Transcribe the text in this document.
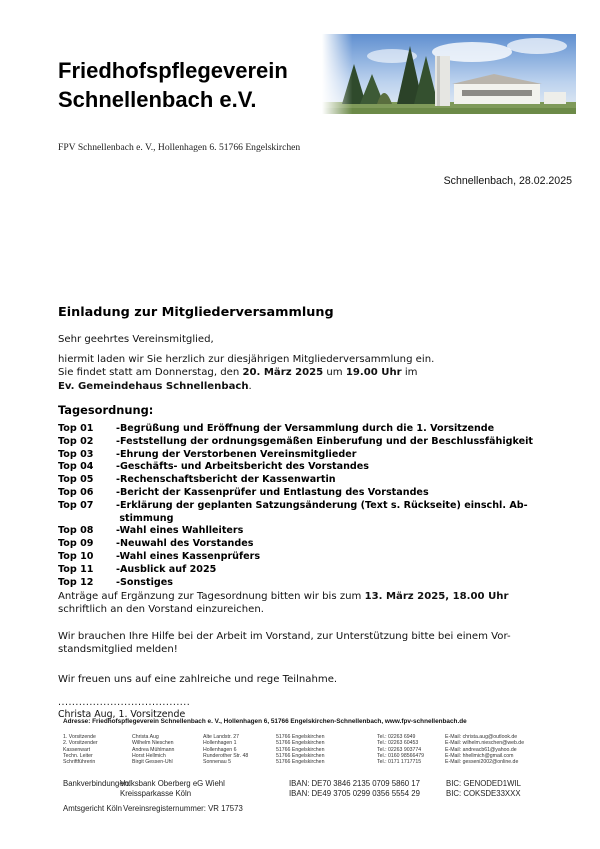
Friedhofspflegeverein
Schnellenbach e.V.
FPV Schnellenbach e. V., Hollenhagen 6. 51766 Engelskirchen
Schnellenbach, 28.02.2025
Einladung zur Mitgliederversammlung
Sehr geehrtes Vereinsmitglied,
hiermit laden wir Sie herzlich zur diesjährigen Mitgliederversammlung ein.
Sie findet statt am Donnerstag, den 20. März 2025 um 19.00 Uhr im
Ev. Gemeindehaus Schnellenbach.
Tagesordnung:
Top 01	-Begrüßung und Eröffnung der Versammlung durch die 1. Vorsitzende
Top 02	-Feststellung der ordnungsgemäßen Einberufung und der Beschlussfähigkeit
Top 03	-Ehrung der Verstorbenen Vereinsmitglieder
Top 04	-Geschäfts- und Arbeitsbericht des Vorstandes
Top 05	-Rechenschaftsbericht der Kassenwartin
Top 06	-Bericht der Kassenprüfer und Entlastung des Vorstandes
Top 07	-Erklärung der geplanten Satzungsänderung (Text s. Rückseite) einschl. Ab-
stimmung
Top 08	-Wahl eines Wahlleiters
Top 09	-Neuwahl des Vorstandes
Top 10	-Wahl eines Kassenprüfers
Top 11	-Ausblick auf 2025
Top 12	-Sonstiges
Anträge auf Ergänzung zur Tagesordnung bitten wir bis zum 13. März 2025, 18.00 Uhr
schriftlich an den Vorstand einzureichen.
Wir brauchen Ihre Hilfe bei der Arbeit im Vorstand, zur Unterstützung bitte bei einem Vor-
standsmitglied melden!
Wir freuen uns auf eine zahlreiche und rege Teilnahme.
......................................
Christa Aug, 1. Vorsitzende
Adresse: Friedhofspflegeverein Schnellenbach e. V., Hollenhagen 6, 51766 Engelskirchen-Schnellenbach, www.fpv-schnellenbach.de
1. Vorsitzende	Christa Aug	Alte Landstr. 27	51766 Engelskirchen	Tel.: 02263 6949	E-Mail: christa.aug@outlook.de
2. Vorsitzender	Wilhelm Nieschen	Hollenhagen 1	51766 Engelskirchen	Tel.: 02263 60453	E-Mail: wilhelm.nieschen@web.de
Kassenwart	Andrea Mühlmann	Hollenhagen 6	51766 Engelskirchen	Tel.: 02263 903774	E-Mail: andreacb61@yahoo.de
Techn. Leiter	Horst Hellmich	Runderother Str. 48	51766 Engelskirchen	Tel.: 0160 98566479	E-Mail: hhellmich@gmail.com
Schriftführerin	Birgit Gessen-Uhl	Sonnenau 5	51766 Engelskirchen	Tel.: 0171 1717715	E-Mail: gesseni2002@online.de
Bankverbindungen:
Volksbank Oberberg eG Wiehl	IBAN: DE70 3846 2135 0709 5860 17	BIC: GENODED1WIL
Kreissparkasse Köln	IBAN: DE49 3705 0299 0356 5554 29	BIC: COKSDE33XXX
Amtsgericht Köln Vereinsregisternummer: VR 17573
